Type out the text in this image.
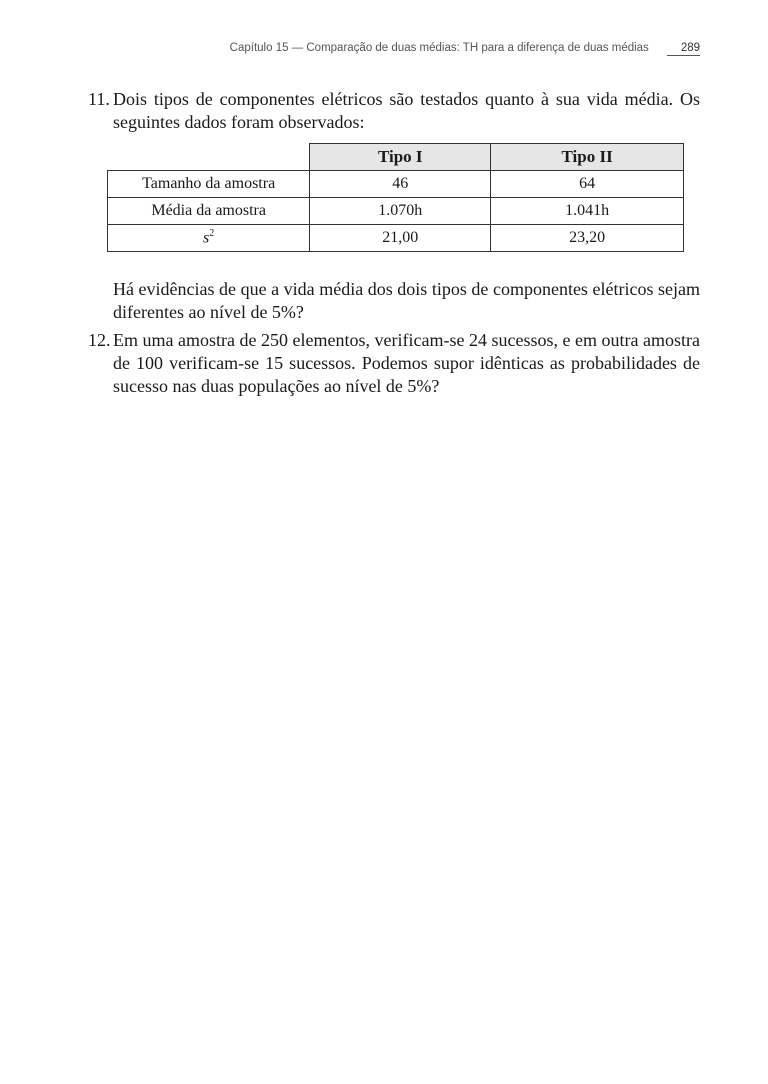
Capítulo 15 — Comparação de duas médias: TH para a diferença de duas médias	289
11. Dois tipos de componentes elétricos são testados quanto à sua vida média. Os seguintes dados foram observados:
	Tipo I	Tipo II
Tamanho da amostra	46	64
Média da amostra	1.070h	1.041h
$s^2$	21,00	23,20
Há evidências de que a vida média dos dois tipos de componentes elétricos sejam diferentes ao nível de 5%?
12. Em uma amostra de 250 elementos, verificam-se 24 sucessos, e em outra amostra de 100 verificam-se 15 sucessos. Podemos supor idênticas as probabilidades de sucesso nas duas populações ao nível de 5%?
